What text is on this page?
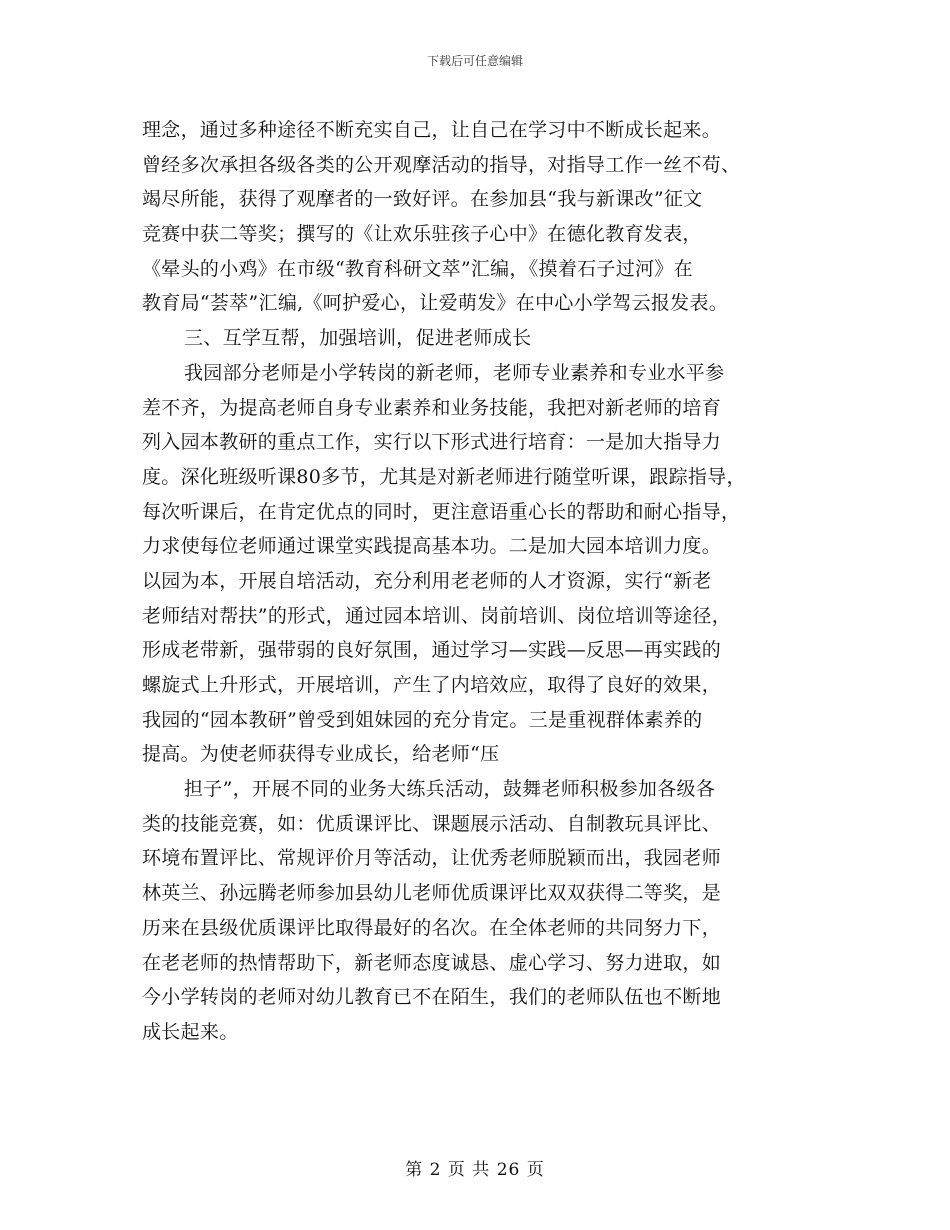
下载后可任意编辑
理念，通过多种途径不断充实自己，让自己在学习中不断成长起来。
曾经多次承担各级各类的公开观摩活动的指导，对指导工作一丝不苟、
竭尽所能，获得了观摩者的一致好评。在参加县“我与新课改”征文
竞赛中获二等奖；撰写的《让欢乐驻孩子心中》在德化教育发表，
《晕头的小鸡》在市级“教育科研文萃”汇编，《摸着石子过河》在
教育局“荟萃”汇编,《呵护爱心，让爱萌发》在中心小学驾云报发表。
三、互学互帮，加强培训，促进老师成长
我园部分老师是小学转岗的新老师，老师专业素养和专业水平参
差不齐，为提高老师自身专业素养和业务技能，我把对新老师的培育
列入园本教研的重点工作，实行以下形式进行培育：一是加大指导力
度。深化班级听课80多节，尤其是对新老师进行随堂听课，跟踪指导，
每次听课后，在肯定优点的同时，更注意语重心长的帮助和耐心指导，
力求使每位老师通过课堂实践提高基本功。二是加大园本培训力度。
以园为本，开展自培活动，充分利用老老师的人才资源，实行“新老
老师结对帮扶”的形式，通过园本培训、岗前培训、岗位培训等途径，
形成老带新，强带弱的良好氛围，通过学习—实践—反思—再实践的
螺旋式上升形式，开展培训，产生了内培效应，取得了良好的效果，
我园的“园本教研”曾受到姐妹园的充分肯定。三是重视群体素养的
提高。为使老师获得专业成长，给老师“压
担子”，开展不同的业务大练兵活动，鼓舞老师积极参加各级各
类的技能竞赛，如：优质课评比、课题展示活动、自制教玩具评比、
环境布置评比、常规评价月等活动，让优秀老师脱颖而出，我园老师
林英兰、孙远腾老师参加县幼儿老师优质课评比双双获得二等奖，是
历来在县级优质课评比取得最好的名次。在全体老师的共同努力下，
在老老师的热情帮助下，新老师态度诚恳、虚心学习、努力进取，如
今小学转岗的老师对幼儿教育已不在陌生，我们的老师队伍也不断地
成长起来。
第 2 页 共 26 页
